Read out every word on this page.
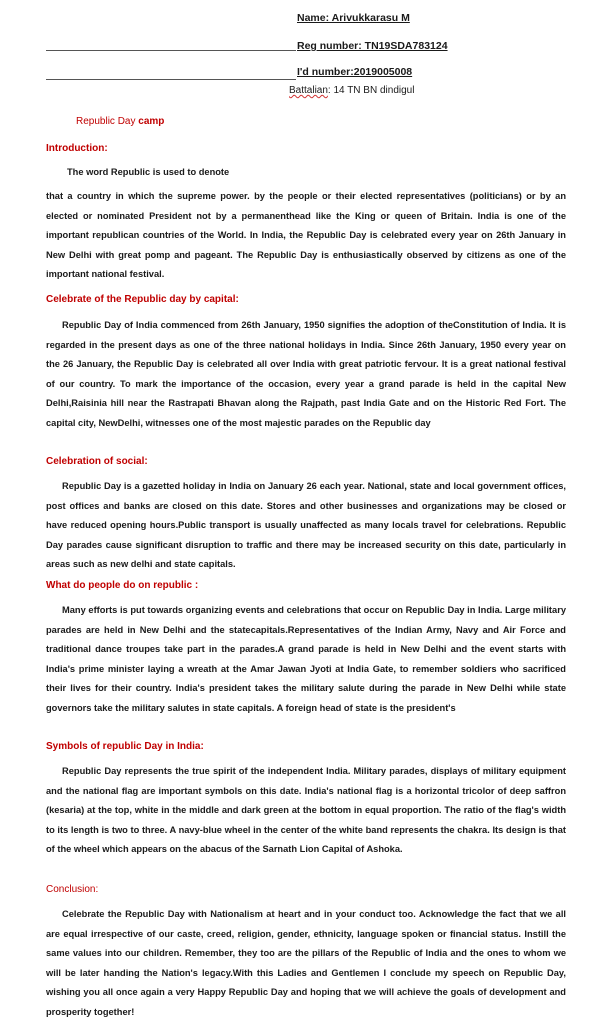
Name: Arivukkarasu M
Reg number: TN19SDA783124
I'd number:2019005008
Battalian: 14 TN BN dindigul
Republic Day camp
Introduction:
The word Republic is used to denote
that a country in which the supreme power. by the people or their elected representatives (politicians) or by an elected or nominated President not by a permanenthead like the King or queen of Britain. India is one of the important republican countries of the World. In India, the Republic Day is celebrated every year on 26th January in New Delhi with great pomp and pageant. The Republic Day is enthusiastically observed by citizens as one of the important national festival.
Celebrate of the Republic day by capital:
Republic Day of India commenced from 26th January, 1950 signifies the adoption of theConstitution of India. It is regarded in the present days as one of the three national holidays in India. Since 26th January, 1950 every year on the 26 January, the Republic Day is celebrated all over India with great patriotic fervour. It is a great national festival of our country. To mark the importance of the occasion, every year a grand parade is held in the capital New Delhi,Raisinia hill near the Rastrapati Bhavan along the Rajpath, past India Gate and on the Historic Red Fort. The capital city, NewDelhi, witnesses one of the most majestic parades on the Republic day
Celebration of social:
Republic Day is a gazetted holiday in India on January 26 each year. National, state and local government offices, post offices and banks are closed on this date. Stores and other businesses and organizations may be closed or have reduced opening hours.Public transport is usually unaffected as many locals travel for celebrations. Republic Day parades cause significant disruption to traffic and there may be increased security on this date, particularly in areas such as new delhi and state capitals.
What do people do on republic :
Many efforts is put towards organizing events and celebrations that occur on Republic Day in India. Large military parades are held in New Delhi and the statecapitals.Representatives of the Indian Army, Navy and Air Force and traditional dance troupes take part in the parades.A grand parade is held in New Delhi and the event starts with India's prime minister laying a wreath at the Amar Jawan Jyoti at India Gate, to remember soldiers who sacrificed their lives for their country. India's president takes the military salute during the parade in New Delhi while state governors take the military salutes in state capitals. A foreign head of state is the president's
Symbols of republic Day in India:
Republic Day represents the true spirit of the independent India. Military parades, displays of military equipment and the national flag are important symbols on this date. India's national flag is a horizontal tricolor of deep saffron (kesaria) at the top, white in the middle and dark green at the bottom in equal proportion. The ratio of the flag's width to its length is two to three. A navy-blue wheel in the center of the white band represents the chakra. Its design is that of the wheel which appears on the abacus of the Sarnath Lion Capital of Ashoka.
Conclusion:
Celebrate the Republic Day with Nationalism at heart and in your conduct too. Acknowledge the fact that we all are equal irrespective of our caste, creed, religion, gender, ethnicity, language spoken or financial status. Instill the same values into our children. Remember, they too are the pillars of the Republic of India and the ones to whom we will be later handing the Nation's legacy.With this Ladies and Gentlemen I conclude my speech on Republic Day, wishing you all once again a very Happy Republic Day and hoping that we will achieve the goals of development and prosperity together!
